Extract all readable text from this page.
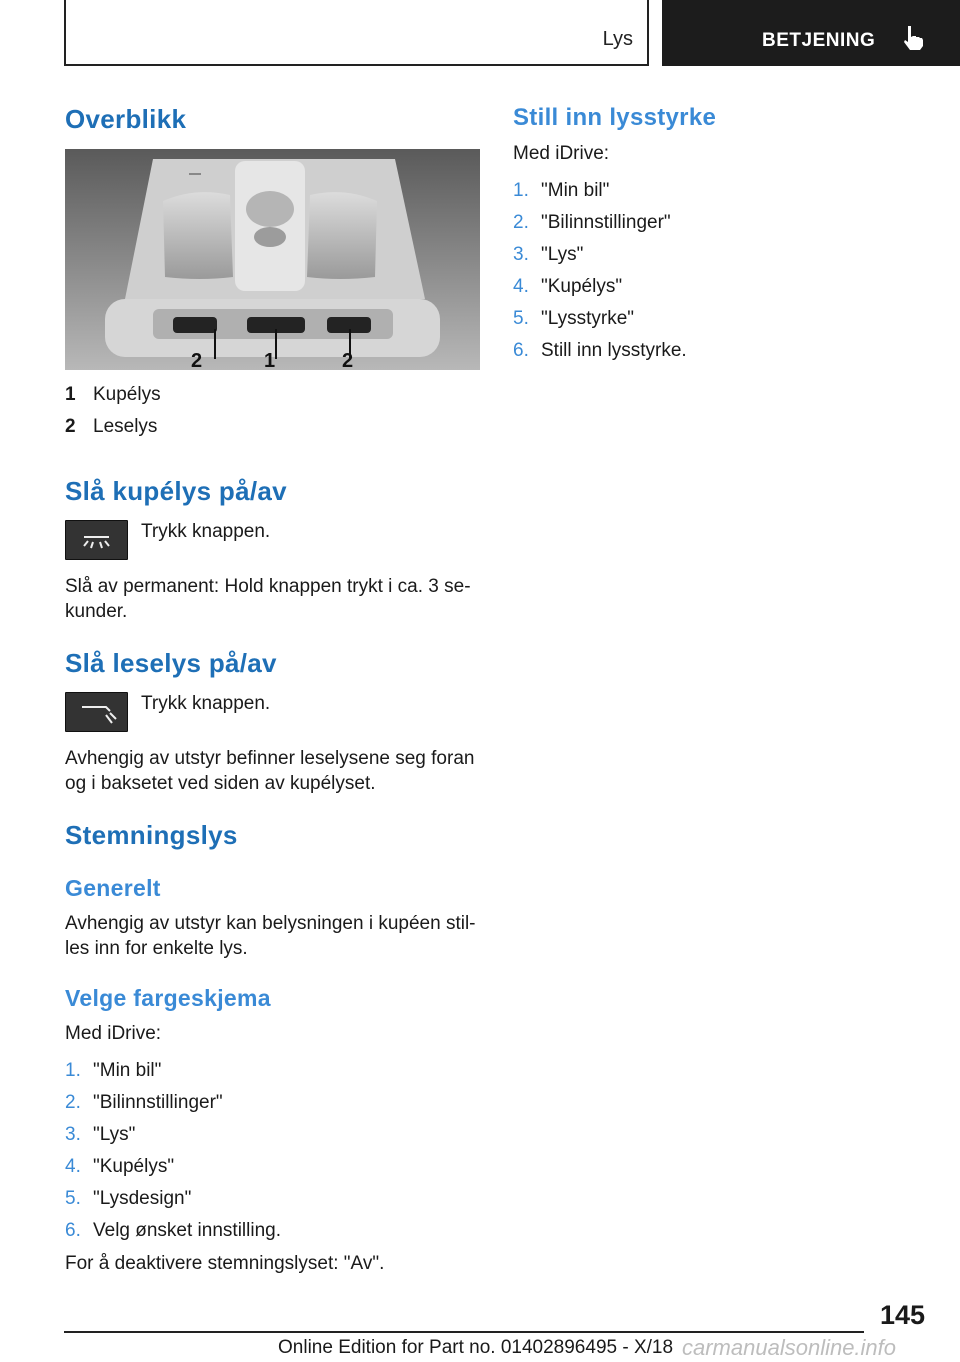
Lys	BETJENING
Overblikk
2	1	2
1 Kupélys
2 Leselys
Slå kupélys på/av

Trykk knappen.

Slå av permanent: Hold knappen trykt i ca. 3 se‐

kunder.

Slå leselys på/av

Trykk knappen.

Avhengig av utstyr befinner leselysene seg foran

og i baksetet ved siden av kupélyset.

Stemningslys
Generelt

Avhengig av utstyr kan belysningen i kupéen stil‐

les inn for enkelte lys.

Velge fargeskjema

Med iDrive:

1. "Min bil"
2. "Bilinnstillinger"
3. "Lys"
4. "Kupélys"
5. "Lysdesign"
6. Velg ønsket innstilling.

For å deaktivere stemningslyset: "Av".

Still inn lysstyrke

Med iDrive:

1. "Min bil"
2. "Bilinnstillinger"
3. "Lys"
4. "Kupélys"
5. "Lysstyrke"
6. Still inn lysstyrke.
145
Online Edition for Part no. 01402896495 - X/18 carmanualsonline.info
